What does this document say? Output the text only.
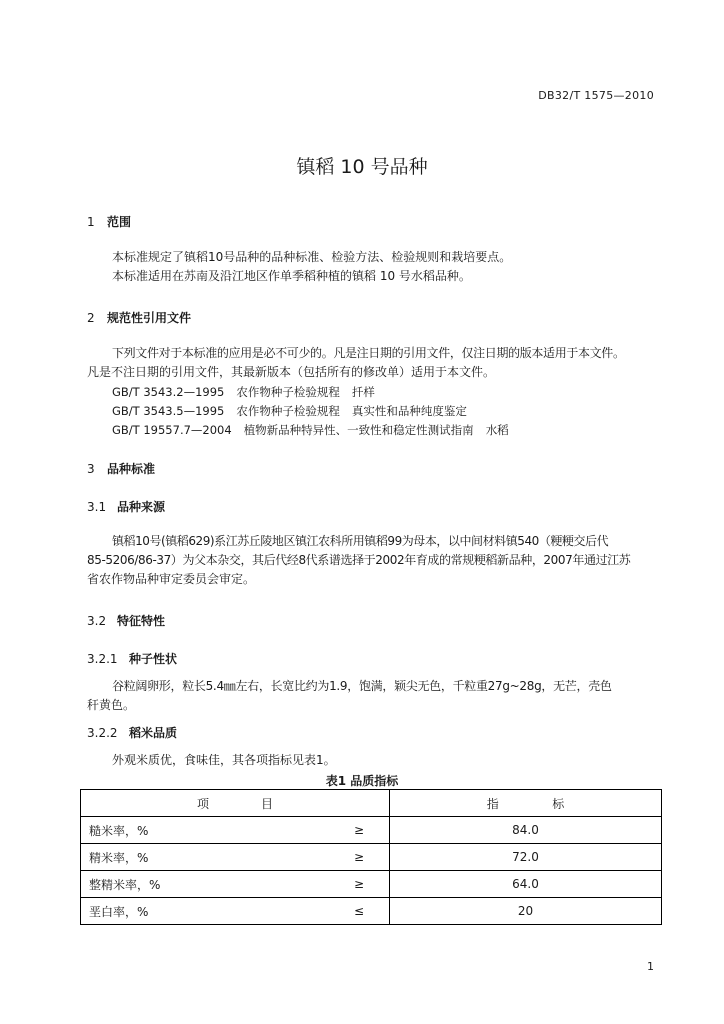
DB32/T 1575—2010
镇稻 10 号品种
1 范围
本标准规定了镇稻10号品种的品种标准、检验方法、检验规则和栽培要点。
本标准适用在苏南及沿江地区作单季稻种植的镇稻 10 号水稻品种。
2 规范性引用文件
下列文件对于本标准的应用是必不可少的。凡是注日期的引用文件，仅注日期的版本适用于本文件。
凡是不注日期的引用文件，其最新版本（包括所有的修改单）适用于本文件。
GB/T 3543.2—1995 农作物种子检验规程 扦样
GB/T 3543.5—1995 农作物种子检验规程 真实性和品种纯度鉴定
GB/T 19557.7—2004 植物新品种特异性、一致性和稳定性测试指南 水稻
3 品种标准
3.1 品种来源
镇稻10号(镇稻629)系江苏丘陵地区镇江农科所用镇稻99为母本，以中间材料镇540（粳粳交后代
85-5206/86-37）为父本杂交，其后代经8代系谱选择于2002年育成的常规粳稻新品种，2007年通过江苏
省农作物品种审定委员会审定。
3.2 特征特性
3.2.1 种子性状
谷粒阔卵形，粒长5.4㎜左右，长宽比约为1.9，饱满，颖尖无色，千粒重27g~28g，无芒，壳色
秆黄色。
3.2.2 稻米品质
外观米质优，食味佳，其各项指标见表1。
表1 品质指标
项 目		指 标

糙米率，%	≥	84.0
精米率，%	≥	72.0
整精米率，%	≥	64.0
垩白率，%	≤	20
1
